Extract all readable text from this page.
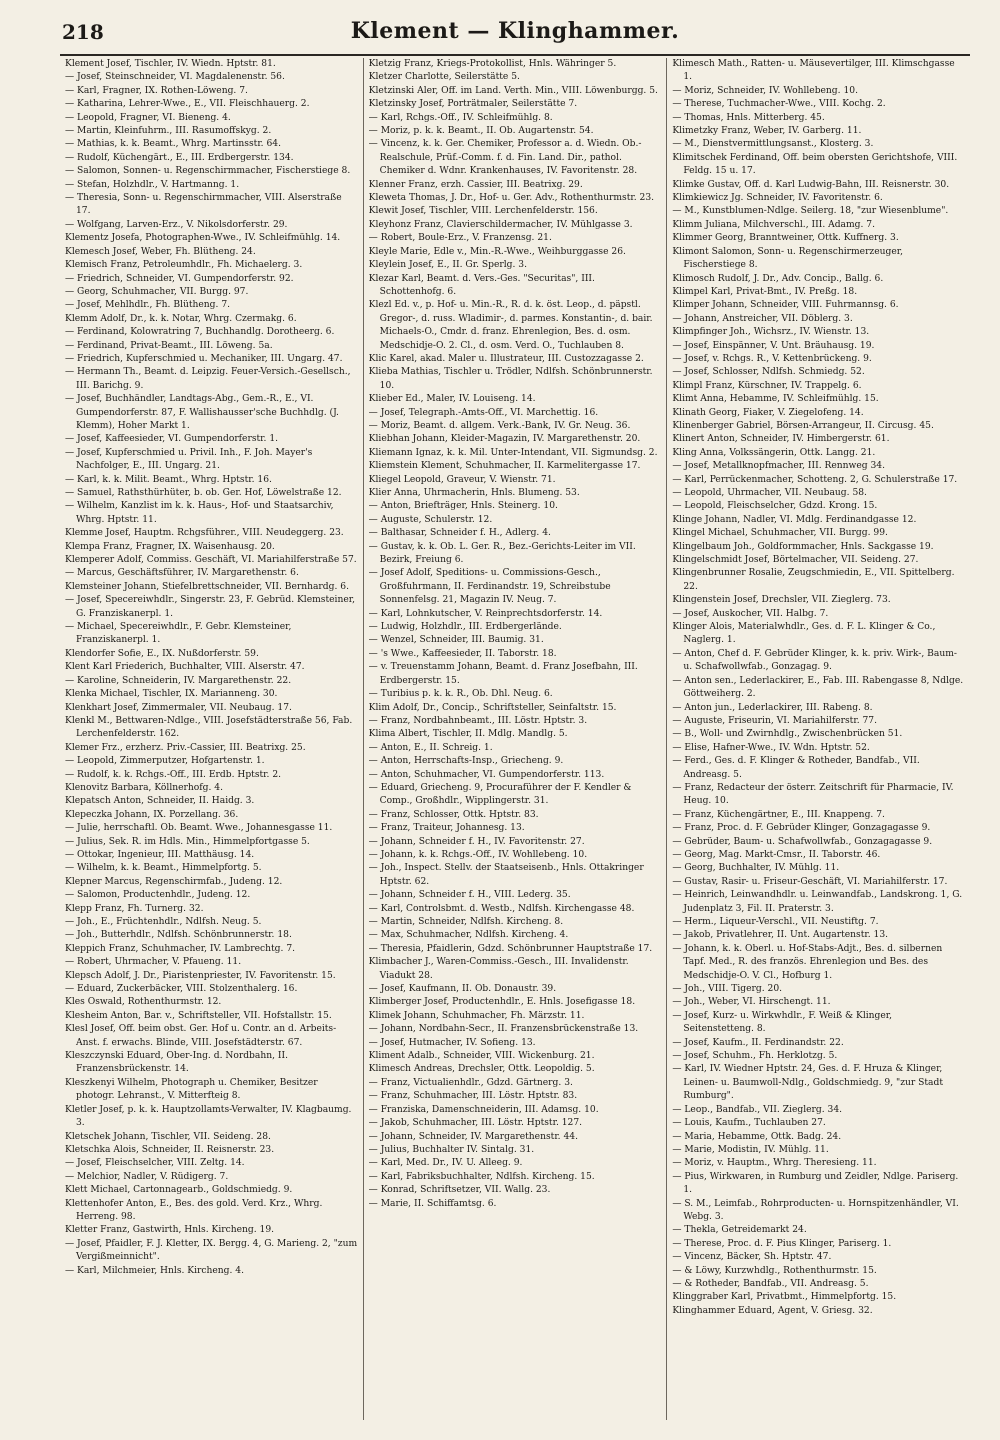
218	Klement — Klinghammer.
Klement Josef, Tischler, IV. Wiedn. Hptstr. 81.
— Josef, Steinschneider, VI. Magdalenenstr. 56.
— Karl, Fragner, IX. Rothen-Löweng. 7.
— Katharina, Lehrer-Wwe., E., VII. Fleischhauerg. 2.
— Leopold, Fragner, VI. Bieneng. 4.
— Martin, Kleinfuhrm., III. Rasumoffskyg. 2.
— Mathias, k. k. Beamt., Whrg. Martinsstr. 64.
— Rudolf, Küchengärt., E., III. Erdbergerstr. 134.
— Salomon, Sonnen- u. Regenschirmmacher, Fischerstiege 8.
— Stefan, Holzhdlr., V. Hartmanng. 1.
— Theresia, Sonn- u. Regenschirmmacher, VIII. Alserstraße 17.
— Wolfgang, Larven-Erz., V. Nikolsdorferstr. 29.
Klementz Josefa, Photographen-Wwe., IV. Schleifmühlg. 14.
Klemesch Josef, Weber, Fh. Blütheng. 24.
Klemisch Franz, Petroleumhdlr., Fh. Michaelerg. 3.
— Friedrich, Schneider, VI. Gumpendorferstr. 92.
— Georg, Schuhmacher, VII. Burgg. 97.
— Josef, Mehlhdlr., Fh. Blütheng. 7.
Klemm Adolf, Dr., k. k. Notar, Whrg. Czermakg. 6.
— Ferdinand, Kolowratring 7, Buchhandlg. Dorotheerg. 6.
— Ferdinand, Privat-Beamt., III. Löweng. 5a.
— Friedrich, Kupferschmied u. Mechaniker, III. Ungarg. 47.
— Hermann Th., Beamt. d. Leipzig. Feuer-Versich.-Gesellsch., III. Barichg. 9.
— Josef, Buchhändler, Landtags-Abg., Gem.-R., E., VI. Gumpendorferstr. 87, F. Wallishausser'sche Buchhdlg. (J. Klemm), Hoher Markt 1.
— Josef, Kaffeesieder, VI. Gumpendorferstr. 1.
— Josef, Kupferschmied u. Privil. Inh., F. Joh. Mayer's Nachfolger, E., III. Ungarg. 21.
— Karl, k. k. Milit. Beamt., Whrg. Hptstr. 16.
— Samuel, Rathsthürhüter, b. ob. Ger. Hof, Löwelstraße 12.
— Wilhelm, Kanzlist im k. k. Haus-, Hof- und Staatsarchiv, Whrg. Hptstr. 11.
Klemme Josef, Hauptm. Rchgsführer., VIII. Neudeggerg. 23.
Klempa Franz, Fragner, IX. Waisenhausg. 20.
Klemperer Adolf, Commiss. Geschäft, VI. Mariahilferstraße 57.
— Marcus, Geschäftsführer, IV. Margarethenstr. 6.
Klemsteiner Johann, Stiefelbrettschneider, VII. Bernhardg. 6.
— Josef, Specereiwhdlr., Singerstr. 23, F. Gebrüd. Klemsteiner, G. Franziskanerpl. 1.
— Michael, Specereiwhdlr., F. Gebr. Klemsteiner, Franziskanerpl. 1.
Klendorfer Sofie, E., IX. Nußdorferstr. 59.
Klent Karl Friederich, Buchhalter, VIII. Alserstr. 47.
— Karoline, Schneiderin, IV. Margarethenstr. 22.
Klenka Michael, Tischler, IX. Marianneng. 30.
Klenkhart Josef, Zimmermaler, VII. Neubaug. 17.
Klenkl M., Bettwaren-Ndlge., VIII. Josefstädterstraße 56, Fab. Lerchenfelderstr. 162.
Klemer Frz., erzherz. Priv.-Cassier, III. Beatrixg. 25.
— Leopold, Zimmerputzer, Hofgartenstr. 1.
— Rudolf, k. k. Rchgs.-Off., III. Erdb. Hptstr. 2.
Klenovitz Barbara, Köllnerhofg. 4.
Klepatsch Anton, Schneider, II. Haidg. 3.
Klepeczka Johann, IX. Porzellang. 36.
— Julie, herrschaftl. Ob. Beamt. Wwe., Johannesgasse 11.
— Julius, Sek. R. im Hdls. Min., Himmelpfortgasse 5.
— Ottokar, Ingenieur, III. Matthäusg. 14.
— Wilhelm, k. k. Beamt., Himmelpfortg. 5.
Klepner Marcus, Regenschirmfab., Judeng. 12.
— Salomon, Productenhdlr., Judeng. 12.
Klepp Franz, Fh. Turnerg. 32.
— Joh., E., Früchtenhdlr., Ndlfsh. Neug. 5.
— Joh., Butterhdlr., Ndlfsh. Schönbrunnerstr. 18.
Kleppich Franz, Schuhmacher, IV. Lambrechtg. 7.
— Robert, Uhrmacher, V. Pfaueng. 11.
Klepsch Adolf, J. Dr., Piaristenpriester, IV. Favoritenstr. 15.
— Eduard, Zuckerbäcker, VIII. Stolzenthalerg. 16.
Kles Oswald, Rothenthurmstr. 12.
Klesheim Anton, Bar. v., Schriftsteller, VII. Hofstallstr. 15.
Klesl Josef, Off. beim obst. Ger. Hof u. Contr. an d. Arbeits-Anst. f. erwachs. Blinde, VIII. Josefstädterstr. 67.
Kleszczynski Eduard, Ober-Ing. d. Nordbahn, II. Franzensbrückenstr. 14.
Kleszkenyi Wilhelm, Photograph u. Chemiker, Besitzer photogr. Lehranst., V. Mitterfteig 8.
Kletler Josef, p. k. k. Hauptzollamts-Verwalter, IV. Klagbaumg. 3.
Kletschek Johann, Tischler, VII. Seideng. 28.
Kletschka Alois, Schneider, II. Reisnerstr. 23.
— Josef, Fleischselcher, VIII. Zeltg. 14.
— Melchior, Nadler, V. Rüdigerg. 7.
Klett Michael, Cartonnagearb., Goldschmiedg. 9.
Klettenhofer Anton, E., Bes. des gold. Verd. Krz., Whrg. Herreng. 98.
Kletter Franz, Gastwirth, Hnls. Kircheng. 19.
— Josef, Pfaidler, F. J. Kletter, IX. Bergg. 4, G. Marieng. 2, "zum Vergißmeinnicht".
— Karl, Milchmeier, Hnls. Kircheng. 4.
Kletzig Franz, Kriegs-Protokollist, Hnls. Währinger 5.
Kletzer Charlotte, Seilerstätte 5.
Kletzinski Aler, Off. im Land. Verth. Min., VIII. Löwenburgg. 5.
Kletzinsky Josef, Porträtmaler, Seilerstätte 7.
— Karl, Rchgs.-Off., IV. Schleifmühlg. 8.
— Moriz, p. k. k. Beamt., II. Ob. Augartenstr. 54.
— Vincenz, k. k. Ger. Chemiker, Professor a. d. Wiedn. Ob.-Realschule, Prüf.-Comm. f. d. Fin. Land. Dir., pathol. Chemiker d. Wdnr. Krankenhauses, IV. Favoritenstr. 28.
Klenner Franz, erzh. Cassier, III. Beatrixg. 29.
Kleweta Thomas, J. Dr., Hof- u. Ger. Adv., Rothenthurmstr. 23.
Klewit Josef, Tischler, VIII. Lerchenfelderstr. 156.
Kleyhonz Franz, Clavierschildermacher, IV. Mühlgasse 3.
— Robert, Boule-Erz., V. Franzensg. 21.
Kleyle Marie, Edle v., Min.-R.-Wwe., Weihburggasse 26.
Kleylein Josef, E., II. Gr. Sperlg. 3.
Klezar Karl, Beamt. d. Vers.-Ges. "Securitas", III. Schottenhofg. 6.
Klezl Ed. v., p. Hof- u. Min.-R., R. d. k. öst. Leop., d. päpstl. Gregor-, d. russ. Wladimir-, d. parmes. Konstantin-, d. bair. Michaels-O., Cmdr. d. franz. Ehrenlegion, Bes. d. osm. Medschidje-O. 2. Cl., d. osm. Verd. O., Tuchlauben 8.
Klic Karel, akad. Maler u. Illustrateur, III. Custozzagasse 2.
Klieba Mathias, Tischler u. Trödler, Ndlfsh. Schönbrunnerstr. 10.
Klieber Ed., Maler, IV. Louiseng. 14.
— Josef, Telegraph.-Amts-Off., VI. Marchettig. 16.
— Moriz, Beamt. d. allgem. Verk.-Bank, IV. Gr. Neug. 36.
Kliebhan Johann, Kleider-Magazin, IV. Margarethenstr. 20.
Kliemann Ignaz, k. k. Mil. Unter-Intendant, VII. Sigmundsg. 2.
Kliemstein Klement, Schuhmacher, II. Karmelitergasse 17.
Kliegel Leopold, Graveur, V. Wienstr. 71.
Klier Anna, Uhrmacherin, Hnls. Blumeng. 53.
— Anton, Briefträger, Hnls. Steinerg. 10.
— Auguste, Schulerstr. 12.
— Balthasar, Schneider f. H., Adlerg. 4.
— Gustav, k. k. Ob. L. Ger. R., Bez.-Gerichts-Leiter im VII. Bezirk, Freiung 6.
— Josef Adolf, Speditions- u. Commissions-Gesch., Großfuhrmann, II. Ferdinandstr. 19, Schreibstube Sonnenfelsg. 21, Magazin IV. Neug. 7.
— Karl, Lohnkutscher, V. Reinprechtsdorferstr. 14.
— Ludwig, Holzhdlr., III. Erdbergerlände.
— Wenzel, Schneider, III. Baumig. 31.
— 's Wwe., Kaffeesieder, II. Taborstr. 18.
— v. Treuenstamm Johann, Beamt. d. Franz Josefbahn, III. Erdbergerstr. 15.
— Turibius p. k. k. R., Ob. Dhl. Neug. 6.
Klim Adolf, Dr., Concip., Schriftsteller, Seinfaltstr. 15.
— Franz, Nordbahnbeamt., III. Löstr. Hptstr. 3.
Klima Albert, Tischler, II. Mdlg. Mandlg. 5.
— Anton, E., II. Schreig. 1.
— Anton, Herrschafts-Insp., Griecheng. 9.
— Anton, Schuhmacher, VI. Gumpendorferstr. 113.
— Eduard, Griecheng. 9, Procuraführer der F. Kendler & Comp., Großhdlr., Wipplingerstr. 31.
— Franz, Schlosser, Ottk. Hptstr. 83.
— Franz, Traiteur, Johannesg. 13.
— Johann, Schneider f. H., IV. Favoritenstr. 27.
— Johann, k. k. Rchgs.-Off., IV. Wohllebeng. 10.
— Joh., Inspect. Stellv. der Staatseisenb., Hnls. Ottakringer Hptstr. 62.
— Johann, Schneider f. H., VIII. Lederg. 35.
— Karl, Controlsbmt. d. Westb., Ndlfsh. Kirchengasse 48.
— Martin, Schneider, Ndlfsh. Kircheng. 8.
— Max, Schuhmacher, Ndlfsh. Kircheng. 4.
— Theresia, Pfaidlerin, Gdzd. Schönbrunner Hauptstraße 17.
Klimbacher J., Waren-Commiss.-Gesch., III. Invalidenstr. Viadukt 28.
— Josef, Kaufmann, II. Ob. Donaustr. 39.
Klimberger Josef, Productenhdlr., E. Hnls. Josefigasse 18.
Klimek Johann, Schuhmacher, Fh. Märzstr. 11.
— Johann, Nordbahn-Secr., II. Franzensbrückenstraße 13.
— Josef, Hutmacher, IV. Sofieng. 13.
Kliment Adalb., Schneider, VIII. Wickenburg. 21.
Klimesch Andreas, Drechsler, Ottk. Leopoldig. 5.
— Franz, Victualienhdlr., Gdzd. Gärtnerg. 3.
— Franz, Schuhmacher, III. Löstr. Hptstr. 83.
— Franziska, Damenschneiderin, III. Adamsg. 10.
— Jakob, Schuhmacher, III. Löstr. Hptstr. 127.
— Johann, Schneider, IV. Margarethenstr. 44.
— Julius, Buchhalter IV. Sintalg. 31.
— Karl, Med. Dr., IV. U. Alleeg. 9.
— Karl, Fabriksbuchhalter, Ndlfsh. Kircheng. 15.
— Konrad, Schriftsetzer, VII. Wallg. 23.
— Marie, II. Schiffamtsg. 6.
Klimesch Math., Ratten- u. Mäusevertilger, III. Klimschgasse 1.
— Moriz, Schneider, IV. Wohllebeng. 10.
— Therese, Tuchmacher-Wwe., VIII. Kochg. 2.
— Thomas, Hnls. Mitterberg. 45.
Klimetzky Franz, Weber, IV. Garberg. 11.
— M., Dienstvermittlungsanst., Klosterg. 3.
Klimitschek Ferdinand, Off. beim obersten Gerichtshofe, VIII. Feldg. 15 u. 17.
Klimke Gustav, Off. d. Karl Ludwig-Bahn, III. Reisnerstr. 30.
Klimkiewicz Jg. Schneider, IV. Favoritenstr. 6.
— M., Kunstblumen-Ndlge. Seilerg. 18, "zur Wiesenblume".
Klimm Juliana, Milchverschl., III. Adamg. 7.
Klimmer Georg, Branntweiner, Ottk. Kuffnerg. 3.
Klimont Salomon, Sonn- u. Regenschirmerzeuger, Fischerstiege 8.
Klimosch Rudolf, J. Dr., Adv. Concip., Ballg. 6.
Klimpel Karl, Privat-Bmt., IV. Preßg. 18.
Klimper Johann, Schneider, VIII. Fuhrmannsg. 6.
— Johann, Anstreicher, VII. Döblerg. 3.
Klimpfinger Joh., Wichsrz., IV. Wienstr. 13.
— Josef, Einspänner, V. Unt. Bräuhausg. 19.
— Josef, v. Rchgs. R., V. Kettenbrückeng. 9.
— Josef, Schlosser, Ndlfsh. Schmiedg. 52.
Klimpl Franz, Kürschner, IV. Trappelg. 6.
Klimt Anna, Hebamme, IV. Schleifmühlg. 15.
Klinath Georg, Fiaker, V. Ziegelofeng. 14.
Klinenberger Gabriel, Börsen-Arrangeur, II. Circusg. 45.
Klinert Anton, Schneider, IV. Himbergerstr. 61.
Kling Anna, Volkssängerin, Ottk. Langg. 21.
— Josef, Metallknopfmacher, III. Rennweg 34.
— Karl, Perrückenmacher, Schotteng. 2, G. Schulerstraße 17.
— Leopold, Uhrmacher, VII. Neubaug. 58.
— Leopold, Fleischselcher, Gdzd. Krong. 15.
Klinge Johann, Nadler, VI. Mdlg. Ferdinandgasse 12.
Klingel Michael, Schuhmacher, VII. Burgg. 99.
Klingelbaum Joh., Goldformmacher, Hnls. Sackgasse 19.
Klingelschmidt Josef, Börtelmacher, VII. Seideng. 27.
Klingenbrunner Rosalie, Zeugschmiedin, E., VII. Spittelberg. 22.
Klingenstein Josef, Drechsler, VII. Zieglerg. 73.
— Josef, Auskocher, VII. Halbg. 7.
Klinger Alois, Materialwhdlr., Ges. d. F. L. Klinger & Co., Naglerg. 1.
— Anton, Chef d. F. Gebrüder Klinger, k. k. priv. Wirk-, Baum- u. Schafwollwfab., Gonzagag. 9.
— Anton sen., Lederlackirer, E., Fab. III. Rabengasse 8, Ndlge. Göttweiherg. 2.
— Anton jun., Lederlackirer, III. Rabeng. 8.
— Auguste, Friseurin, VI. Mariahilferstr. 77.
— B., Woll- und Zwirnhdlg., Zwischenbrücken 51.
— Elise, Hafner-Wwe., IV. Wdn. Hptstr. 52.
— Ferd., Ges. d. F. Klinger & Rotheder, Bandfab., VII. Andreasg. 5.
— Franz, Redacteur der österr. Zeitschrift für Pharmacie, IV. Heug. 10.
— Franz, Küchengärtner, E., III. Knappeng. 7.
— Franz, Proc. d. F. Gebrüder Klinger, Gonzagagasse 9.
— Gebrüder, Baum- u. Schafwollwfab., Gonzagagasse 9.
— Georg, Mag. Markt-Cmsr., II. Taborstr. 46.
— Georg, Buchhalter, IV. Mühlg. 11.
— Gustav, Rasir- u. Friseur-Geschäft, VI. Mariahilferstr. 17.
— Heinrich, Leinwandhdlr. u. Leinwandfab., Landskrong. 1, G. Judenplatz 3, Fil. II. Praterstr. 3.
— Herm., Liqueur-Verschl., VII. Neustiftg. 7.
— Jakob, Privatlehrer, II. Unt. Augartenstr. 13.
— Johann, k. k. Oberl. u. Hof-Stabs-Adjt., Bes. d. silbernen Tapf. Med., R. des französ. Ehrenlegion und Bes. des Medschidje-O. V. Cl., Hofburg 1.
— Joh., VIII. Tigerg. 20.
— Joh., Weber, VI. Hirschengt. 11.
— Josef, Kurz- u. Wirkwhdlr., F. Weiß & Klinger, Seitenstetteng. 8.
— Josef, Kaufm., II. Ferdinandstr. 22.
— Josef, Schuhm., Fh. Herklotzg. 5.
— Karl, IV. Wiedner Hptstr. 24, Ges. d. F. Hruza & Klinger, Leinen- u. Baumwoll-Ndlg., Goldschmiedg. 9, "zur Stadt Rumburg".
— Leop., Bandfab., VII. Zieglerg. 34.
— Louis, Kaufm., Tuchlauben 27.
— Maria, Hebamme, Ottk. Badg. 24.
— Marie, Modistin, IV. Mühlg. 11.
— Moriz, v. Hauptm., Whrg. Theresieng. 11.
— Pius, Wirkwaren, in Rumburg und Zeidler, Ndlge. Pariserg. 1.
— S. M., Leimfab., Rohrproducten- u. Hornspitzenhändler, VI. Webg. 3.
— Thekla, Getreidemarkt 24.
— Therese, Proc. d. F. Pius Klinger, Pariserg. 1.
— Vincenz, Bäcker, Sh. Hptstr. 47.
— & Löwy, Kurzwhdlg., Rothenthurmstr. 15.
— & Rotheder, Bandfab., VII. Andreasg. 5.
Klinggraber Karl, Privatbmt., Himmelpfortg. 15.
Klinghammer Eduard, Agent, V. Griesg. 32.
